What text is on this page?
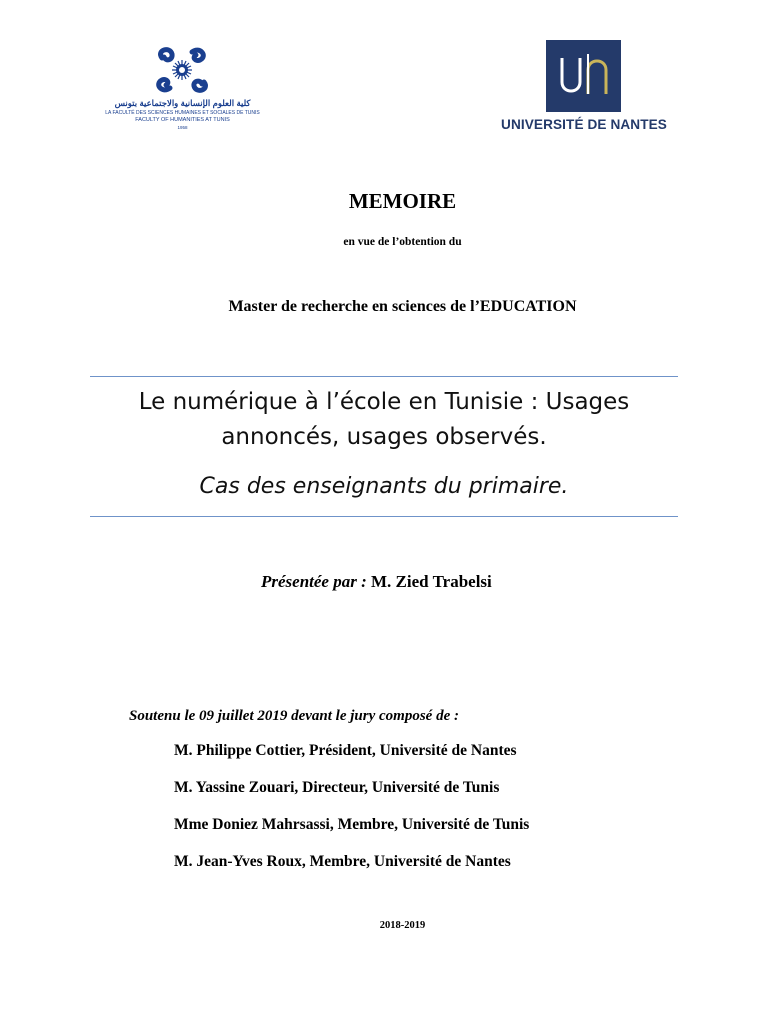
كلية العلوم الإنسانية والاجتماعية بتونس
LA FACULTÉ DES SCIENCES HUMAINES ET SOCIALES DE TUNIS
FACULTY OF HUMANITIES AT TUNIS
1958	UNIVERSITÉ DE NANTES
MEMOIRE
en vue de l’obtention du
Master de recherche en sciences de l’EDUCATION
Le numérique à l’école en Tunisie : Usages
annoncés, usages observés.
Cas des enseignants du primaire.
Présentée par : M. Zied Trabelsi
Soutenu le 09 juillet 2019 devant le jury composé de :
M. Philippe Cottier, Président, Université de Nantes
M. Yassine Zouari, Directeur, Université de Tunis
Mme Doniez Mahrsassi, Membre, Université de Tunis
M. Jean-Yves Roux, Membre, Université de Nantes
2018-2019
